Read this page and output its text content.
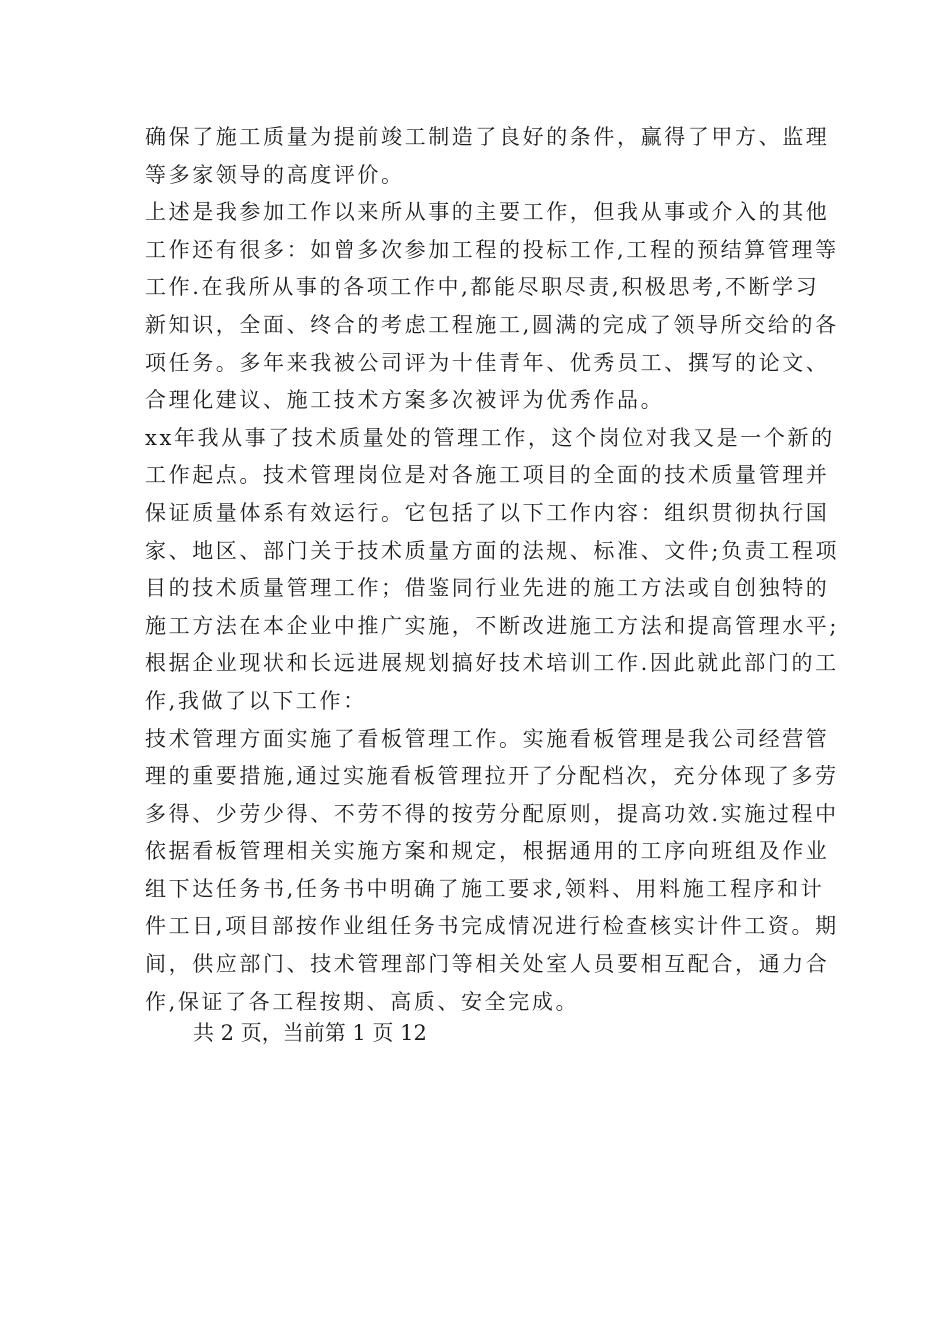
确保了施工质量为提前竣工制造了良好的条件，赢得了甲方、监理
等多家领导的高度评价。
上述是我参加工作以来所从事的主要工作，但我从事或介入的其他
工作还有很多：如曾多次参加工程的投标工作,工程的预结算管理等
工作.在我所从事的各项工作中,都能尽职尽责,积极思考,不断学习
新知识，全面、终合的考虑工程施工,圆满的完成了领导所交给的各
项任务。多年来我被公司评为十佳青年、优秀员工、撰写的论文、
合理化建议、施工技术方案多次被评为优秀作品。
xx年我从事了技术质量处的管理工作，这个岗位对我又是一个新的
工作起点。技术管理岗位是对各施工项目的全面的技术质量管理并
保证质量体系有效运行。它包括了以下工作内容：组织贯彻执行国
家、地区、部门关于技术质量方面的法规、标准、文件;负责工程项
目的技术质量管理工作；借鉴同行业先进的施工方法或自创独特的
施工方法在本企业中推广实施，不断改进施工方法和提高管理水平;
根据企业现状和长远进展规划搞好技术培训工作.因此就此部门的工
作,我做了以下工作：
技术管理方面实施了看板管理工作。实施看板管理是我公司经营管
理的重要措施,通过实施看板管理拉开了分配档次，充分体现了多劳
多得、少劳少得、不劳不得的按劳分配原则，提高功效.实施过程中
依据看板管理相关实施方案和规定，根据通用的工序向班组及作业
组下达任务书,任务书中明确了施工要求,领料、用料施工程序和计
件工日,项目部按作业组任务书完成情况进行检查核实计件工资。期
间，供应部门、技术管理部门等相关处室人员要相互配合，通力合
作,保证了各工程按期、高质、安全完成。
共 2 页，当前第 1 页 12
